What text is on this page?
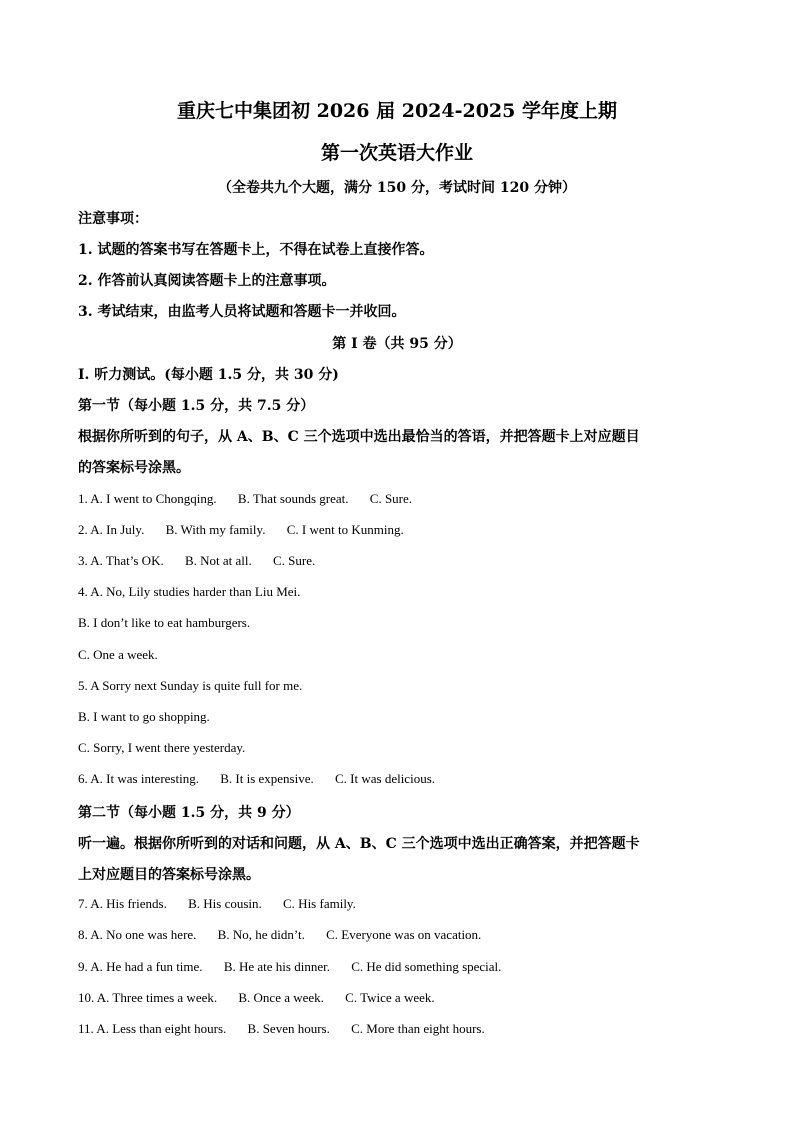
重庆七中集团初 2026 届 2024-2025 学年度上期
第一次英语大作业
（全卷共九个大题，满分 150 分，考试时间 120 分钟）
注意事项：
1. 试题的答案书写在答题卡上，不得在试卷上直接作答。
2. 作答前认真阅读答题卡上的注意事项。
3. 考试结束，由监考人员将试题和答题卡一并收回。
第 I 卷（共 95 分）
Ⅰ. 听力测试。(每小题 1.5 分，共 30 分)
第一节（每小题 1.5 分，共 7.5 分）
根据你所听到的句子，从 A、B、C 三个选项中选出最恰当的答语，并把答题卡上对应题目
的答案标号涂黑。
1. A. I went to Chongqing. B. That sounds great. C. Sure.
2. A. In July. B. With my family. C. I went to Kunming.
3. A. That’s OK. B. Not at all. C. Sure.
4. A. No, Lily studies harder than Liu Mei.
B. I don’t like to eat hamburgers.
C. One a week.
5. A Sorry next Sunday is quite full for me.
B. I want to go shopping.
C. Sorry, I went there yesterday.
6. A. It was interesting. B. It is expensive. C. It was delicious.
第二节（每小题 1.5 分，共 9 分）
听一遍。根据你所听到的对话和问题，从 A、B、C 三个选项中选出正确答案，并把答题卡
上对应题目的答案标号涂黑。
7. A. His friends. B. His cousin. C. His family.
8. A. No one was here. B. No, he didn’t. C. Everyone was on vacation.
9. A. He had a fun time. B. He ate his dinner. C. He did something special.
10. A. Three times a week. B. Once a week. C. Twice a week.
11. A. Less than eight hours. B. Seven hours. C. More than eight hours.
